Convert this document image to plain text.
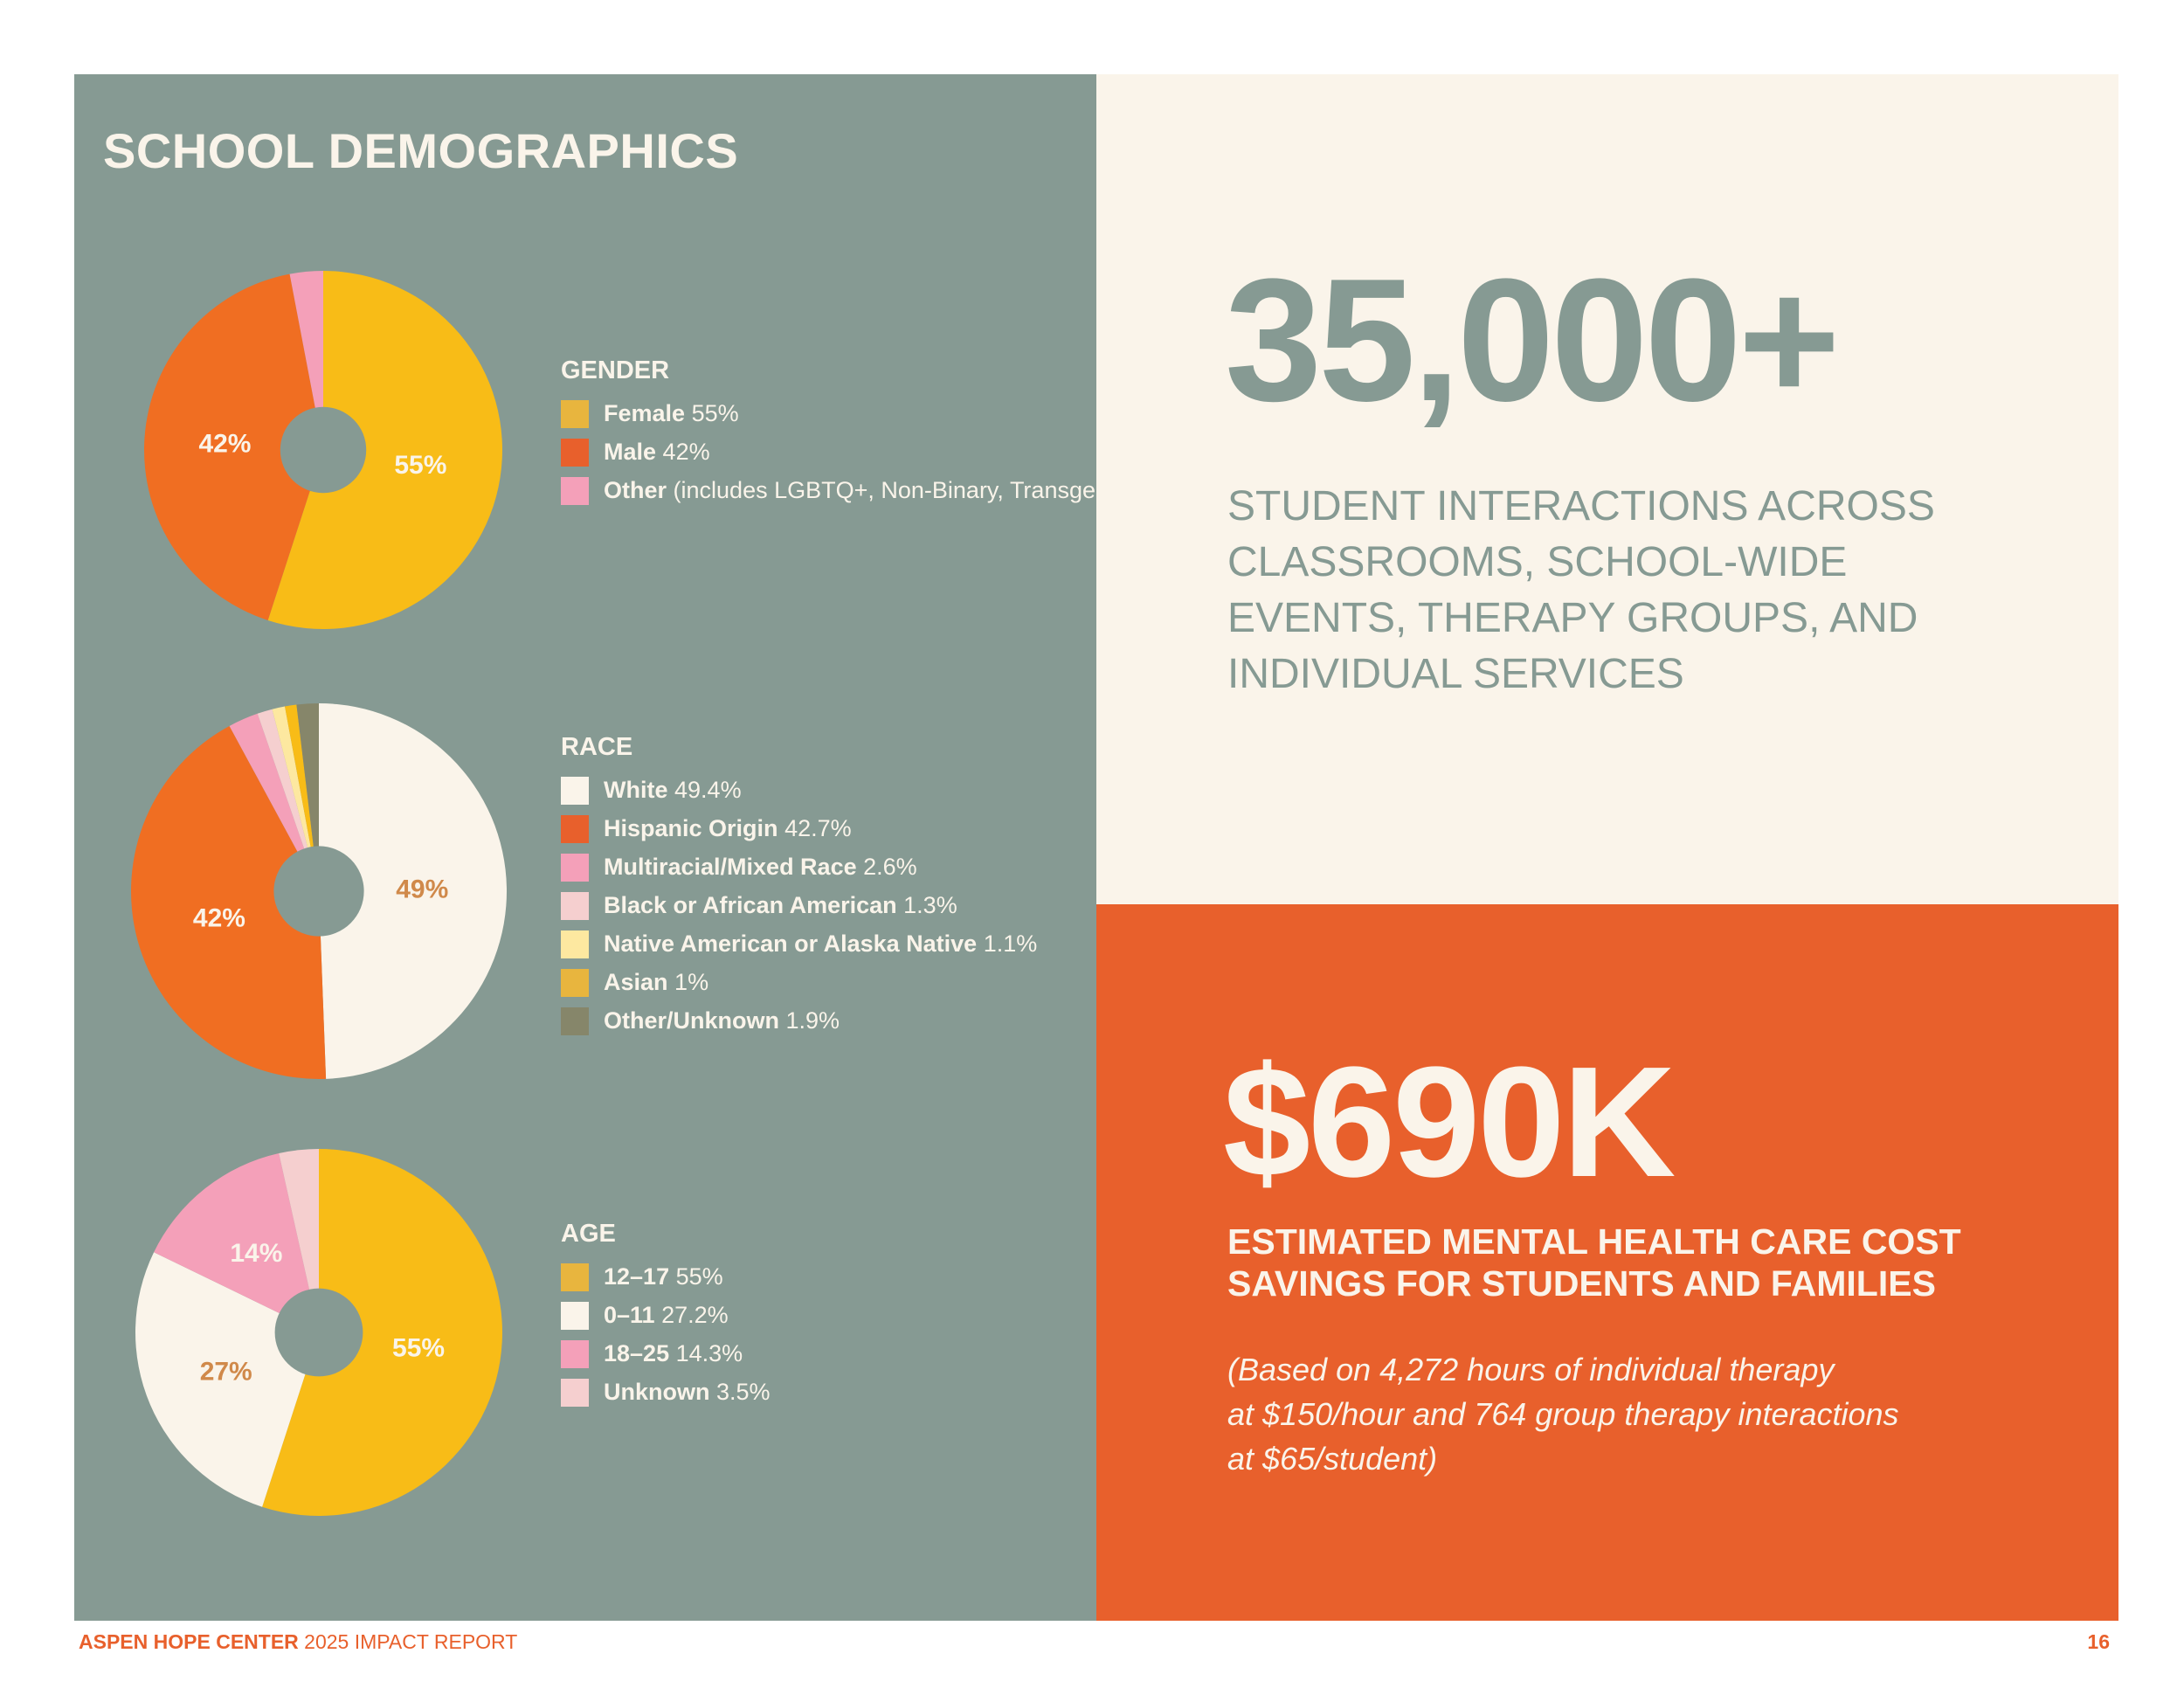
SCHOOL DEMOGRAPHICS
55%
42%
GENDER
Female 55%
Male 42%
Other (includes LGBTQ+, Non-Binary, Transgender, Unknown) 3%
49%
42%
RACE
White 49.4%
Hispanic Origin 42.7%
Multiracial/Mixed Race 2.6%
Black or African American 1.3%
Native American or Alaska Native 1.1%
Asian 1%
Other/Unknown 1.9%
55%
27%
14%
AGE
12–17 55%
0–11 27.2%
18–25 14.3%
Unknown 3.5%
35,000+

STUDENT INTERACTIONS ACROSS CLASSROOMS, SCHOOL-WIDE EVENTS, THERAPY GROUPS, AND INDIVIDUAL SERVICES

$690K

ESTIMATED MENTAL HEALTH CARE COST SAVINGS FOR STUDENTS AND FAMILIES

(Based on 4,272 hours of individual therapy
at $150/hour and 764 group therapy interactions
at $65/student)

ASPEN HOPE CENTER 2025 IMPACT REPORT	16
